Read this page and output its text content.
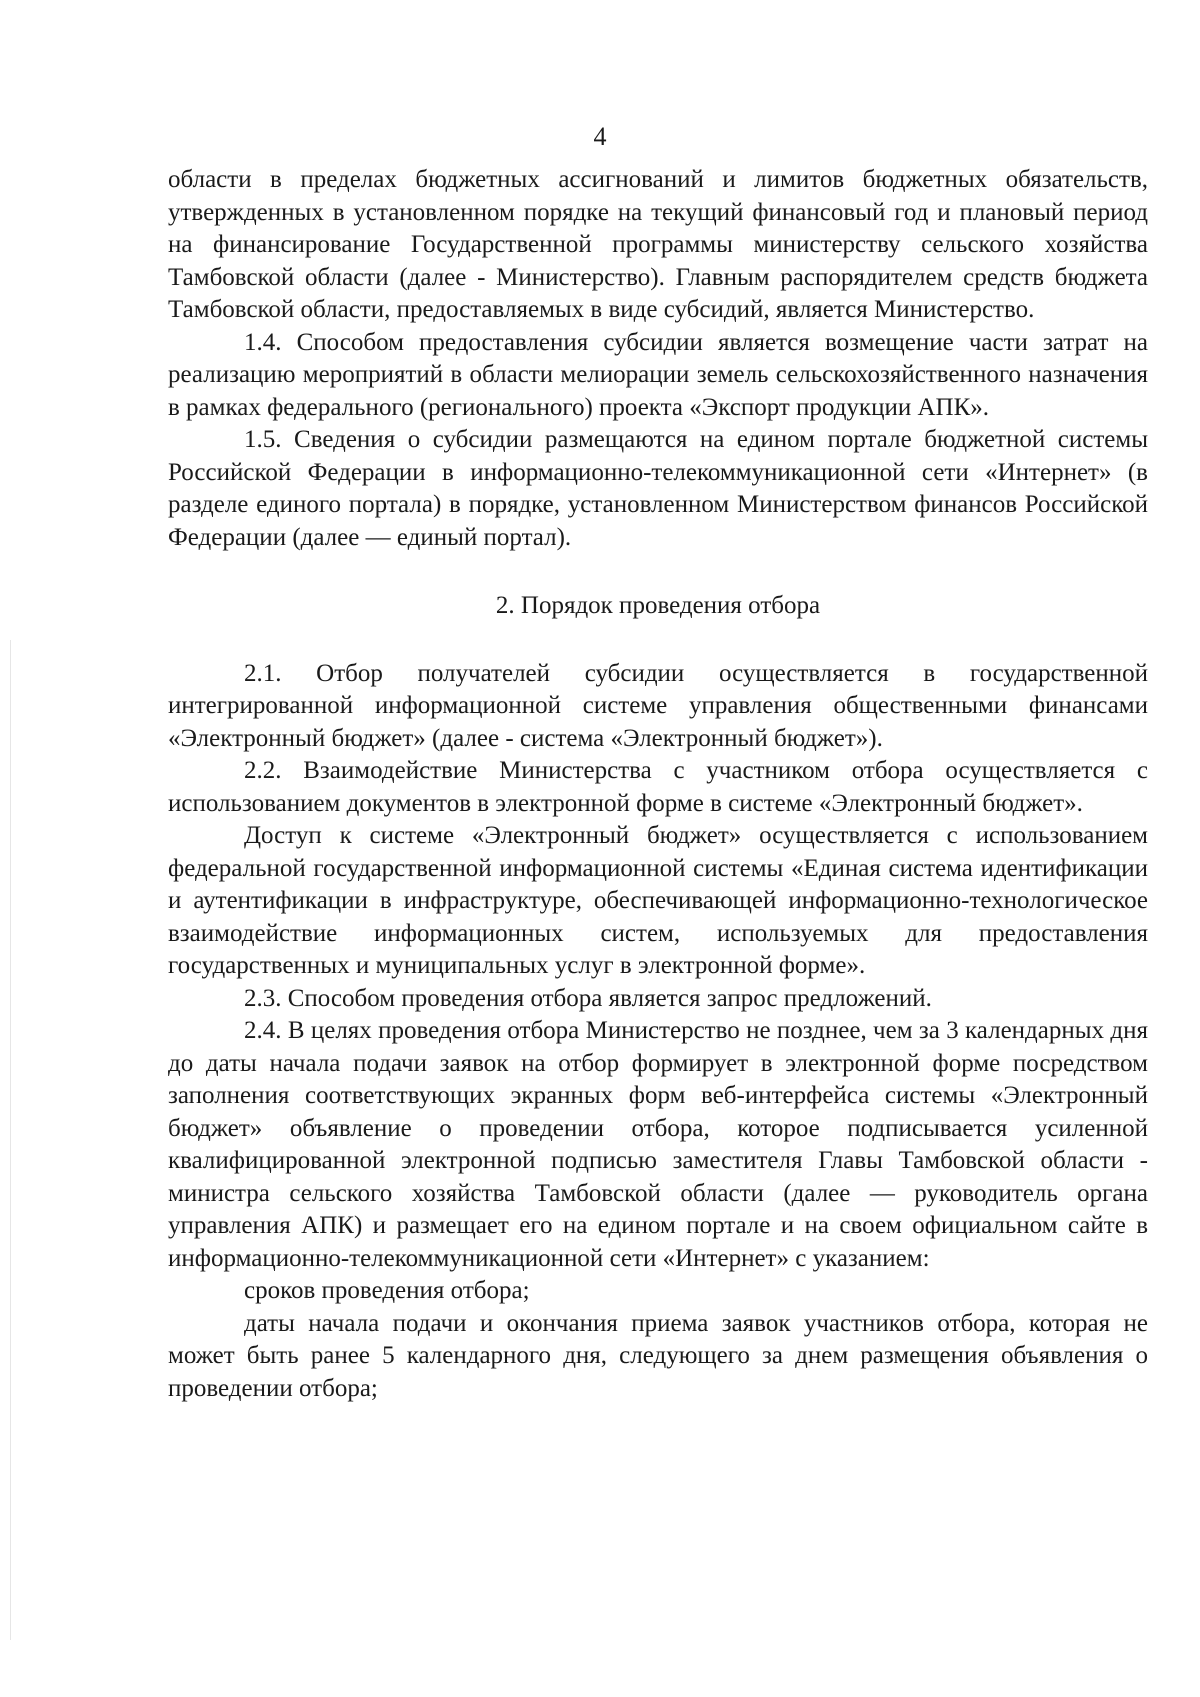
4

области в пределах бюджетных ассигнований и лимитов бюджетных обязательств, утвержденных в установленном порядке на текущий финансовый год и плановый период на финансирование Государственной программы министерству сельского хозяйства Тамбовской области (далее - Министерство). Главным распорядителем средств бюджета Тамбовской области, предоставляемых в виде субсидий, является Министерство.

1.4. Способом предоставления субсидии является возмещение части затрат на реализацию мероприятий в области мелиорации земель сельскохозяйственного назначения в рамках федерального (регионального) проекта «Экспорт продукции АПК».

1.5. Сведения о субсидии размещаются на едином портале бюджетной системы Российской Федерации в информационно-телекоммуникационной сети «Интернет» (в разделе единого портала) в порядке, установленном Министерством финансов Российской Федерации (далее — единый портал).

2. Порядок проведения отбора

2.1. Отбор получателей субсидии осуществляется в государственной интегрированной информационной системе управления общественными финансами «Электронный бюджет» (далее - система «Электронный бюджет»).

2.2. Взаимодействие Министерства с участником отбора осуществляется с использованием документов в электронной форме в системе «Электронный бюджет».

Доступ к системе «Электронный бюджет» осуществляется с использованием федеральной государственной информационной системы «Единая система идентификации и аутентификации в инфраструктуре, обеспечивающей информационно-технологическое взаимодействие информационных систем, используемых для предоставления государственных и муниципальных услуг в электронной форме».

2.3. Способом проведения отбора является запрос предложений.

2.4. В целях проведения отбора Министерство не позднее, чем за 3 календарных дня до даты начала подачи заявок на отбор формирует в электронной форме посредством заполнения соответствующих экранных форм веб-интерфейса системы «Электронный бюджет» объявление о проведении отбора, которое подписывается усиленной квалифицированной электронной подписью заместителя Главы Тамбовской области - министра сельского хозяйства Тамбовской области (далее — руководитель органа управления АПК) и размещает его на едином портале и на своем официальном сайте в информационно-телекоммуникационной сети «Интернет» с указанием:

сроков проведения отбора;

даты начала подачи и окончания приема заявок участников отбора, которая не может быть ранее 5 календарного дня, следующего за днем размещения объявления о проведении отбора;
